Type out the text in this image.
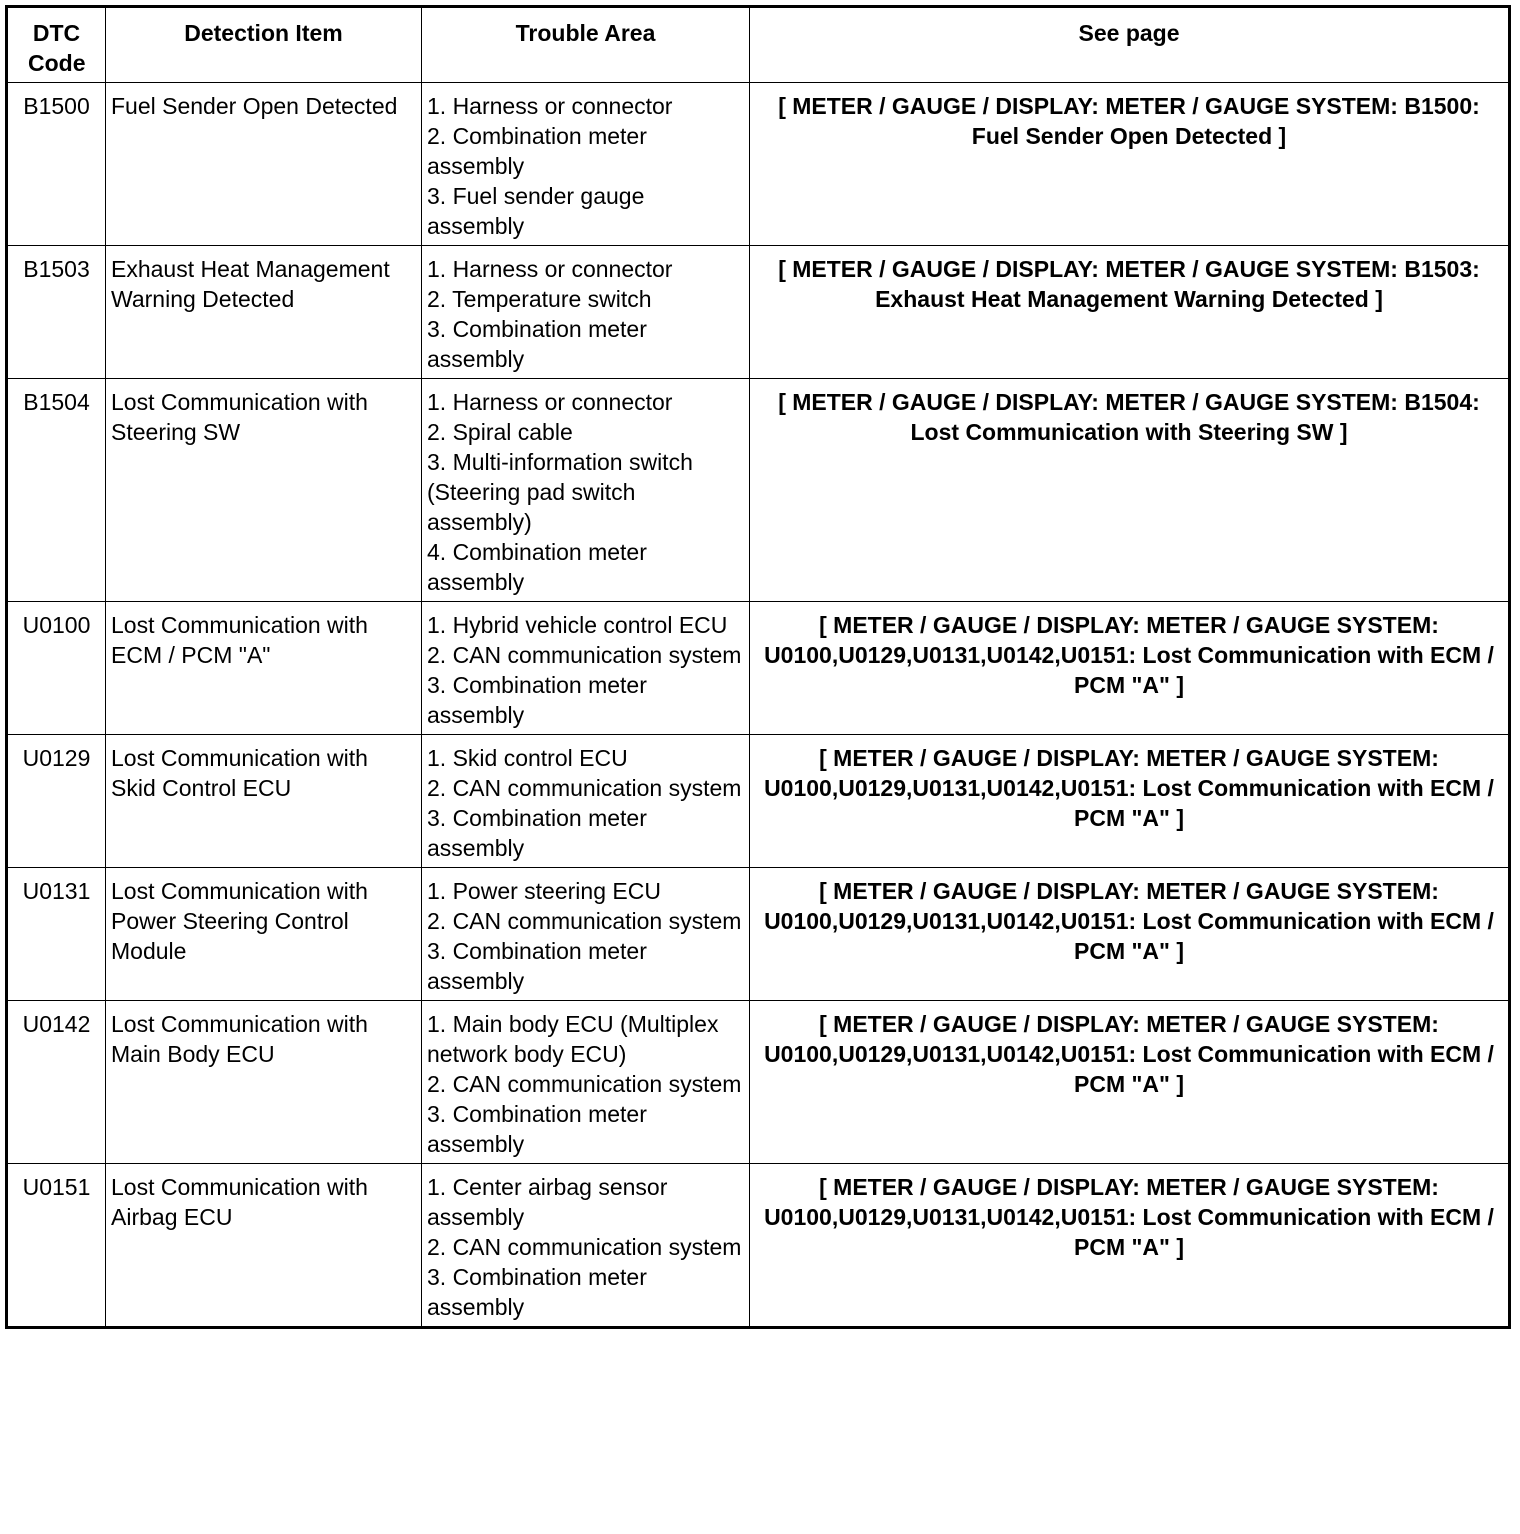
DTC Code	Detection Item	Trouble Area	See page
B1500	Fuel Sender Open Detected	1. Harness or connector
2. Combination meter assembly
3. Fuel sender gauge assembly	[ METER / GAUGE / DISPLAY: METER / GAUGE SYSTEM: B1500: Fuel Sender Open Detected ]
B1503	Exhaust Heat Management Warning Detected	1. Harness or connector
2. Temperature switch
3. Combination meter assembly	[ METER / GAUGE / DISPLAY: METER / GAUGE SYSTEM: B1503: Exhaust Heat Management Warning Detected ]
B1504	Lost Communication with Steering SW	1. Harness or connector
2. Spiral cable
3. Multi-information switch (Steering pad switch assembly)
4. Combination meter assembly	[ METER / GAUGE / DISPLAY: METER / GAUGE SYSTEM: B1504: Lost Communication with Steering SW ]
U0100	Lost Communication with ECM / PCM "A"	1. Hybrid vehicle control ECU
2. CAN communication system
3. Combination meter assembly	[ METER / GAUGE / DISPLAY: METER / GAUGE SYSTEM: U0100,U0129,U0131,U0142,U0151: Lost Communication with ECM / PCM "A" ]
U0129	Lost Communication with Skid Control ECU	1. Skid control ECU
2. CAN communication system
3. Combination meter assembly	[ METER / GAUGE / DISPLAY: METER / GAUGE SYSTEM: U0100,U0129,U0131,U0142,U0151: Lost Communication with ECM / PCM "A" ]
U0131	Lost Communication with Power Steering Control Module	1. Power steering ECU
2. CAN communication system
3. Combination meter assembly	[ METER / GAUGE / DISPLAY: METER / GAUGE SYSTEM: U0100,U0129,U0131,U0142,U0151: Lost Communication with ECM / PCM "A" ]
U0142	Lost Communication with Main Body ECU	1. Main body ECU (Multiplex network body ECU)
2. CAN communication system
3. Combination meter assembly	[ METER / GAUGE / DISPLAY: METER / GAUGE SYSTEM: U0100,U0129,U0131,U0142,U0151: Lost Communication with ECM / PCM "A" ]
U0151	Lost Communication with Airbag ECU	1. Center airbag sensor assembly
2. CAN communication system
3. Combination meter assembly	[ METER / GAUGE / DISPLAY: METER / GAUGE SYSTEM: U0100,U0129,U0131,U0142,U0151: Lost Communication with ECM / PCM "A" ]
